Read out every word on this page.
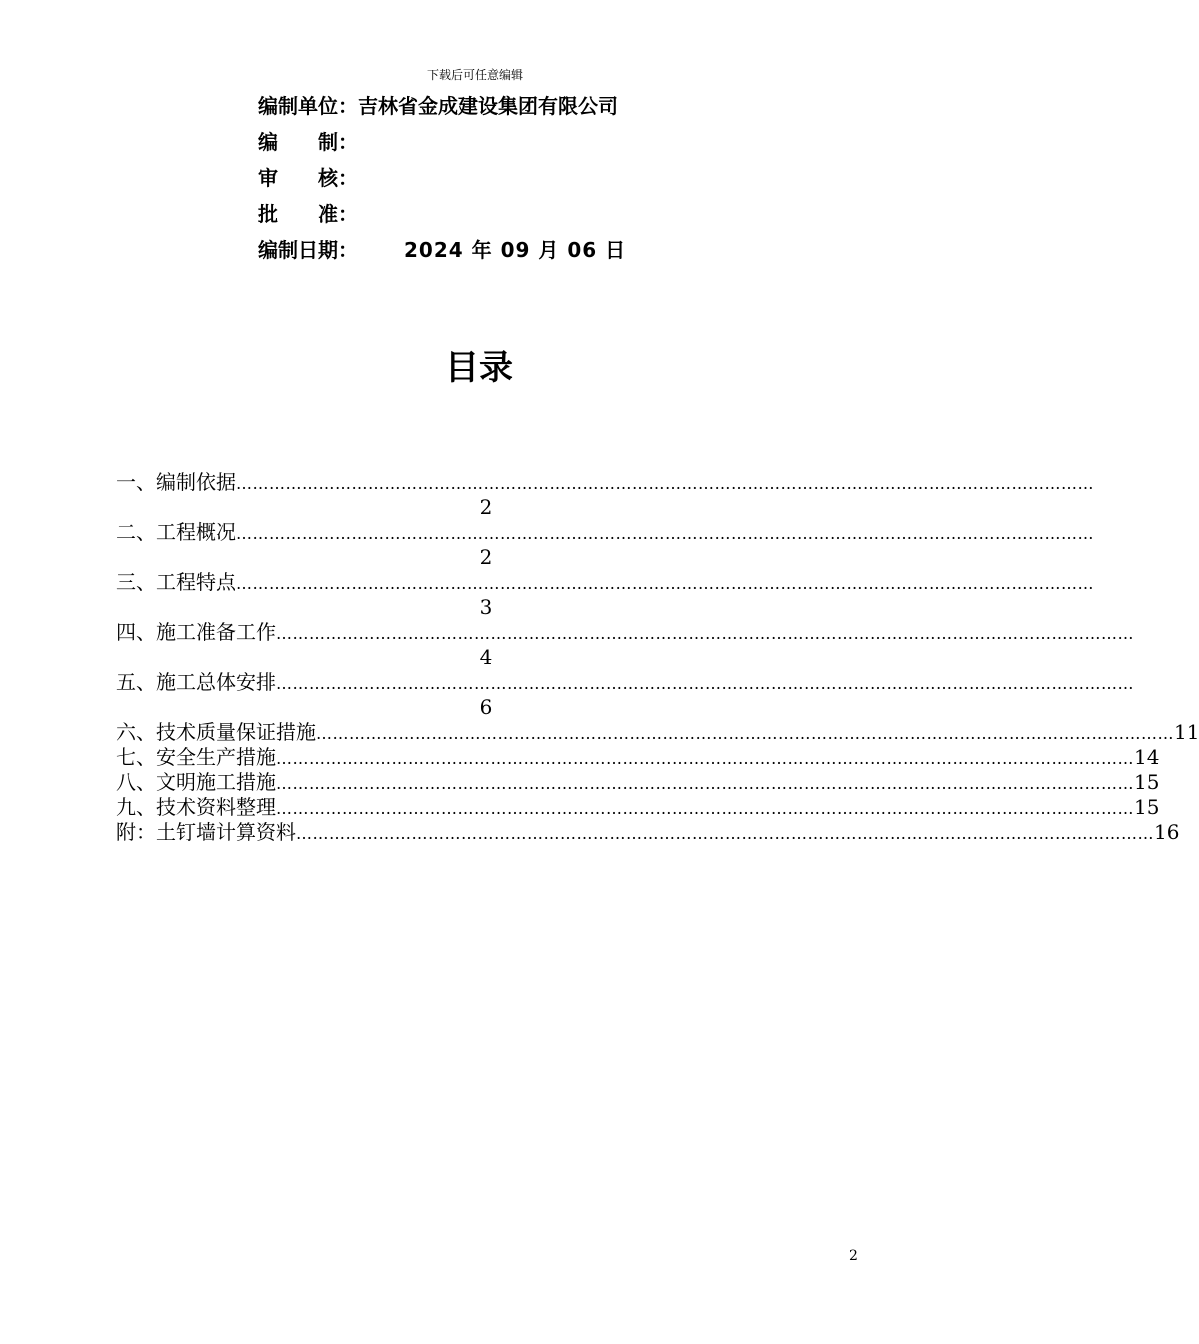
下载后可任意编辑
编制单位：吉林省金成建设集团有限公司
编　　制：
审　　核：
批　　准：
编制日期： 2024 年 09 月 06 日
目录
一、编制依据 …………………………………………………………………………………………………………………………………………
2
二、工程概况 …………………………………………………………………………………………………………………………………………
2
三、工程特点 …………………………………………………………………………………………………………………………………………
3
四、施工准备工作 …………………………………………………………………………………………………………………………………………
4
五、施工总体安排 …………………………………………………………………………………………………………………………………………
6
六、技术质量保证措施 ………………………………………………………………………………………………………………………………………… 11
七、安全生产措施 ………………………………………………………………………………………………………………………………………… 14
八、文明施工措施 ………………………………………………………………………………………………………………………………………… 15
九、技术资料整理 ………………………………………………………………………………………………………………………………………… 15
附：土钉墙计算资料 ………………………………………………………………………………………………………………………………………… 16
2
